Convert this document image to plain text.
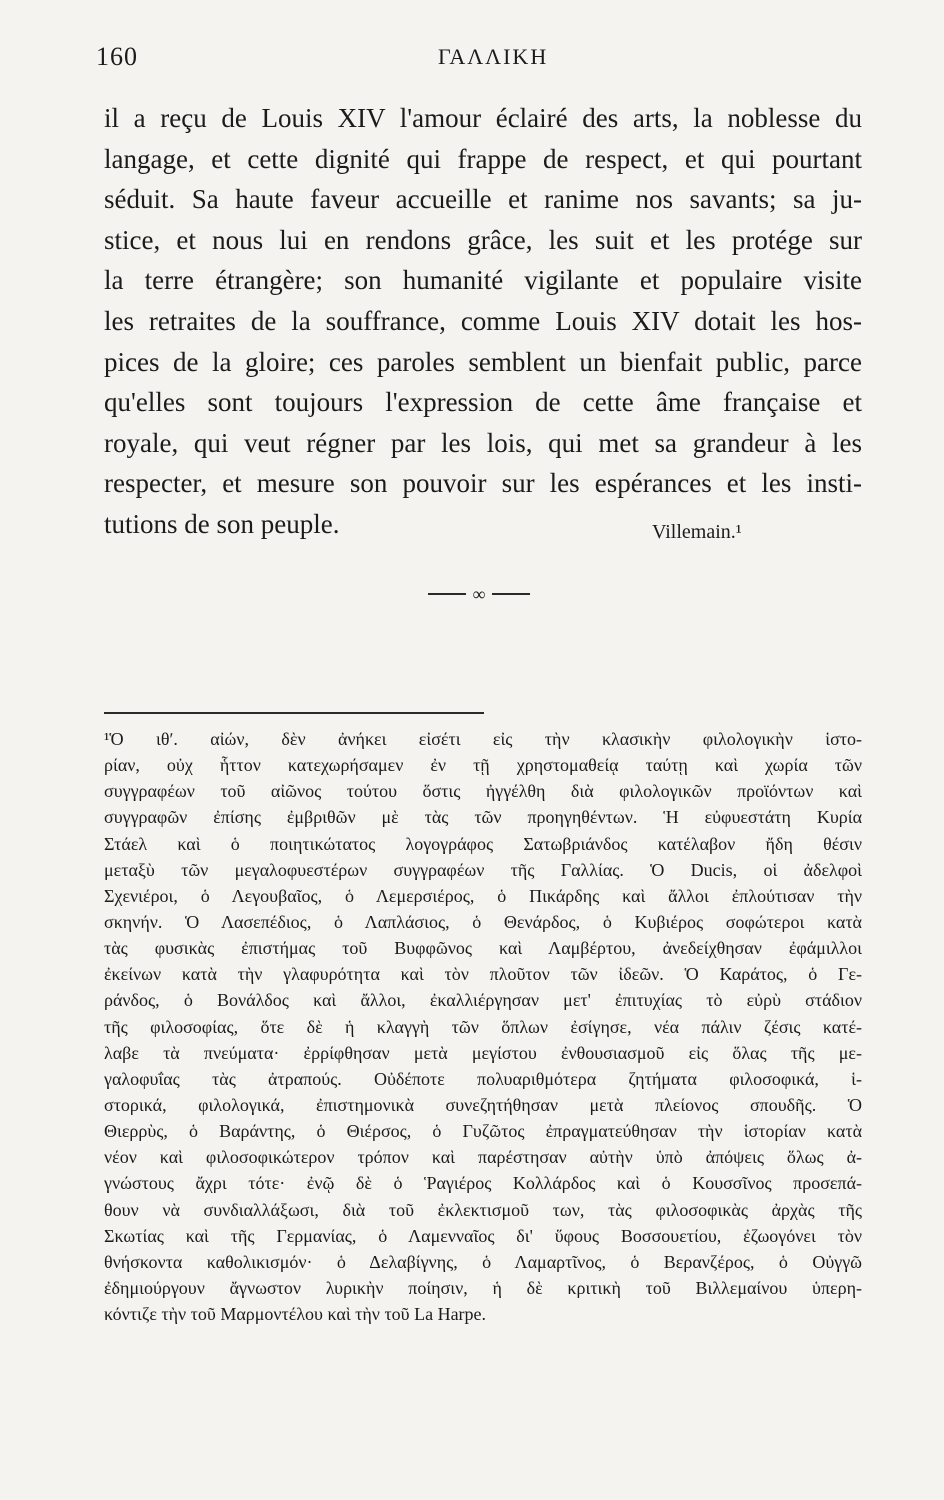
160	ΓΑΛΛΙΚΗ
il a reçu de Louis XIV l'amour éclairé des arts, la noblesse du
langage, et cette dignité qui frappe de respect, et qui pourtant
séduit. Sa haute faveur accueille et ranime nos savants; sa ju-
stice, et nous lui en rendons grâce, les suit et les protége sur
la terre étrangère; son humanité vigilante et populaire visite
les retraites de la souffrance, comme Louis XIV dotait les hos-
pices de la gloire; ces paroles semblent un bienfait public, parce
qu'elles sont toujours l'expression de cette âme française et
royale, qui veut régner par les lois, qui met sa grandeur à les
respecter, et mesure son pouvoir sur les espérances et les insti-
tutions de son peuple.	Villemain.¹
∞
¹Ὁ ιθʹ. αἰών, δὲν ἀνήκει εἰσέτι εἰς τὴν κλασικὴν φιλολογικὴν ἱστο-
ρίαν, οὐχ ἧττον κατεχωρήσαμεν ἐν τῇ χρηστομαθείᾳ ταύτῃ καὶ χωρία τῶν
συγγραφέων τοῦ αἰῶνος τούτου ὅστις ἠγγέλθη διὰ φιλολογικῶν προϊόντων καὶ
συγγραφῶν ἐπίσης ἐμβριθῶν μὲ τὰς τῶν προηγηθέντων. Ἡ εὐφυεστάτη Κυρία
Στάελ καὶ ὁ ποιητικώτατος λογογράφος Σατωβριάνδος κατέλαβον ἤδη θέσιν
μεταξὺ τῶν μεγαλοφυεστέρων συγγραφέων τῆς Γαλλίας. Ὁ Ducis, οἱ ἀδελφοὶ
Σχενιέροι, ὁ Λεγουβαῖος, ὁ Λεμερσιέρος, ὁ Πικάρδης καὶ ἄλλοι ἐπλούτισαν τὴν
σκηνήν. Ὁ Λασεπέδιος, ὁ Λαπλάσιος, ὁ Θενάρδος, ὁ Κυβιέρος σοφώτεροι κατὰ
τὰς φυσικὰς ἐπιστήμας τοῦ Βυφφῶνος καὶ Λαμβέρτου, ἀνεδείχθησαν ἐφάμιλλοι
ἐκείνων κατὰ τὴν γλαφυρότητα καὶ τὸν πλοῦτον τῶν ἰδεῶν. Ὁ Καράτος, ὁ Γε-
ράνδος, ὁ Βονάλδος καὶ ἄλλοι, ἐκαλλιέργησαν μετ' ἐπιτυχίας τὸ εὐρὺ στάδιον
τῆς φιλοσοφίας, ὅτε δὲ ἡ κλαγγὴ τῶν ὅπλων ἐσίγησε, νέα πάλιν ζέσις κατέ-
λαβε τὰ πνεύματα· ἐρρίφθησαν μετὰ μεγίστου ἐνθουσιασμοῦ εἰς ὅλας τῆς με-
γαλοφυΐας τὰς ἀτραπούς. Οὐδέποτε πολυαριθμότερα ζητήματα φιλοσοφικά, ἱ-
στορικά, φιλολογικά, ἐπιστημονικὰ συνεζητήθησαν μετὰ πλείονος σπουδῆς. Ὁ
Θιερρὺς, ὁ Βαράντης, ὁ Θιέρσος, ὁ Γυζῶτος ἐπραγματεύθησαν τὴν ἱστορίαν κατὰ
νέον καὶ φιλοσοφικώτερον τρόπον καὶ παρέστησαν αὐτὴν ὑπὸ ἀπόψεις ὅλως ἀ-
γνώστους ἄχρι τότε· ἐνῷ δὲ ὁ Ῥαγιέρος Κολλάρδος καὶ ὁ Κουσσῖνος προσεπά-
θουν νὰ συνδιαλλάξωσι, διὰ τοῦ ἐκλεκτισμοῦ των, τὰς φιλοσοφικὰς ἀρχὰς τῆς
Σκωτίας καὶ τῆς Γερμανίας, ὁ Λαμενναῖος δι' ὕφους Βοσσουετίου, ἐζωογόνει τὸν
θνήσκοντα καθολικισμόν· ὁ Δελαβίγνης, ὁ Λαμαρτῖνος, ὁ Βερανζέρος, ὁ Οὐγγῶ
ἐδημιούργουν ἄγνωστον λυρικὴν ποίησιν, ἡ δὲ κριτικὴ τοῦ Βιλλεμαίνου ὑπερη-
κόντιζε τὴν τοῦ Μαρμοντέλου καὶ τὴν τοῦ La Harpe.
